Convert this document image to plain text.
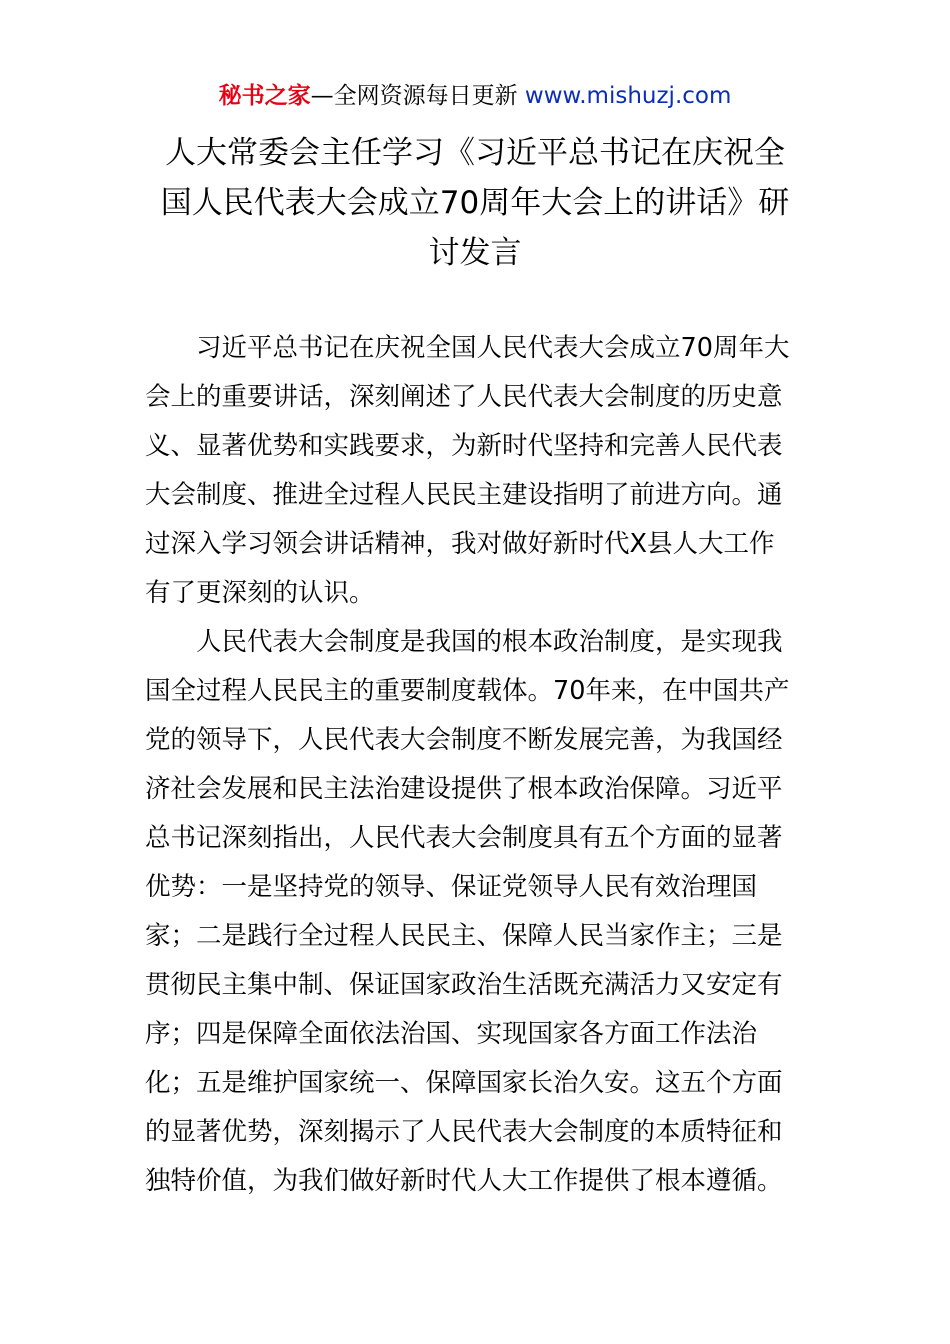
秘书之家—全网资源每日更新 www.mishuzj.com
人大常委会主任学习《习近平总书记在庆祝全
国人民代表大会成立70周年大会上的讲话》研
讨发言

习近平总书记在庆祝全国人民代表大会成立70周年大
会上的重要讲话，深刻阐述了人民代表大会制度的历史意
义、显著优势和实践要求，为新时代坚持和完善人民代表
大会制度、推进全过程人民民主建设指明了前进方向。通
过深入学习领会讲话精神，我对做好新时代X县人大工作
有了更深刻的认识。

人民代表大会制度是我国的根本政治制度，是实现我
国全过程人民民主的重要制度载体。70年来，在中国共产
党的领导下，人民代表大会制度不断发展完善，为我国经
济社会发展和民主法治建设提供了根本政治保障。习近平
总书记深刻指出，人民代表大会制度具有五个方面的显著
优势：一是坚持党的领导、保证党领导人民有效治理国
家；二是践行全过程人民民主、保障人民当家作主；三是
贯彻民主集中制、保证国家政治生活既充满活力又安定有
序；四是保障全面依法治国、实现国家各方面工作法治
化；五是维护国家统一、保障国家长治久安。这五个方面
的显著优势，深刻揭示了人民代表大会制度的本质特征和
独特价值，为我们做好新时代人大工作提供了根本遵循。
